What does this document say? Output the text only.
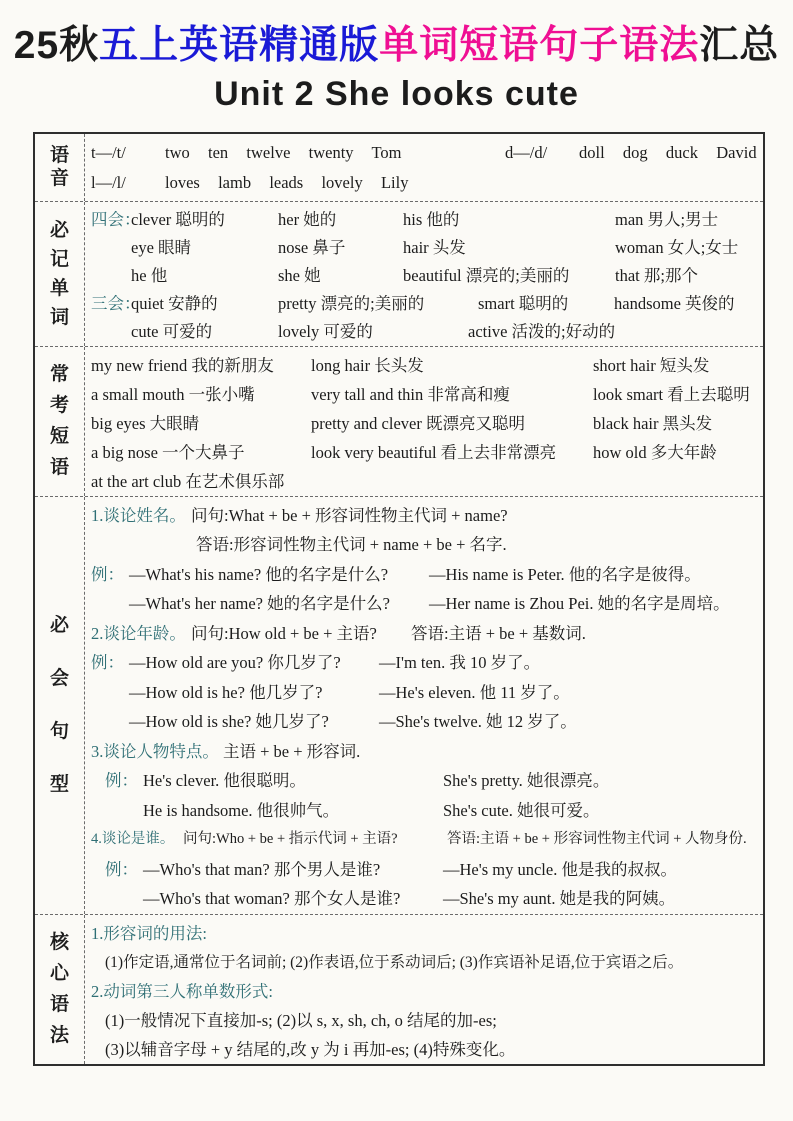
25秋五上英语精通版单词短语句子语法汇总
Unit 2 She looks cute
语
音
t—/t/ two  ten  twelve  twenty  Tom	d—/d/ doll  dog  duck  David
l—/l/ loves  lamb  leads  lovely  Lily
必
记
单
词
四会：clever 聪明的	her 她的	his 他的	man 男人;男士
eye 眼睛	nose 鼻子	hair 头发	woman 女人;女士
he 他	she 她	beautiful 漂亮的;美丽的	that 那;那个
三会：quiet 安静的	pretty 漂亮的;美丽的	smart 聪明的	handsome 英俊的
cute 可爱的	lovely 可爱的	active 活泼的;好动的
常
考
短
语
my new friend 我的新朋友 long hair 长头发	short hair 短头发
a small mouth 一张小嘴	very tall and thin 非常高和瘦	look smart 看上去聪明
big eyes 大眼睛	pretty and clever 既漂亮又聪明	black hair 黑头发
a big nose 一个大鼻子	look very beautiful 看上去非常漂亮 how old 多大年龄
at the art club 在艺术俱乐部
必
会
句
型
1.谈论姓名。 问句:What + be + 形容词性物主代词 + name?
答语:形容词性物主代词 + name + be + 名字.
例： —What's his name? 他的名字是什么? —His name is Peter. 他的名字是彼得。
—What's her name? 她的名字是什么? —Her name is Zhou Pei. 她的名字是周培。
2.谈论年龄。 问句:How old + be + 主语? 答语:主语 + be + 基数词.
例： —How old are you? 你几岁了? —I'm ten. 我 10 岁了。
—How old is he? 他几岁了?	—He's eleven. 他 11 岁了。
—How old is she? 她几岁了?	—She's twelve. 她 12 岁了。
3.谈论人物特点。 主语 + be + 形容词.
例： He's clever. 他很聪明。	She's pretty. 她很漂亮。
He is handsome. 他很帅气。	She's cute. 她很可爱。
4.谈论是谁。 问句:Who + be + 指示代词 + 主语?	答语:主语 + be + 形容词性物主代词 + 人物身份.
例： —Who's that man? 那个男人是谁?	—He's my uncle. 他是我的叔叔。
—Who's that woman? 那个女人是谁?	—She's my aunt. 她是我的阿姨。
核
心
语
法
1.形容词的用法:
(1)作定语,通常位于名词前; (2)作表语,位于系动词后; (3)作宾语补足语,位于宾语之后。
2.动词第三人称单数形式:
(1)一般情况下直接加-s; (2)以 s, x, sh, ch, o 结尾的加-es;
(3)以辅音字母 + y 结尾的,改 y 为 i 再加-es; (4)特殊变化。
